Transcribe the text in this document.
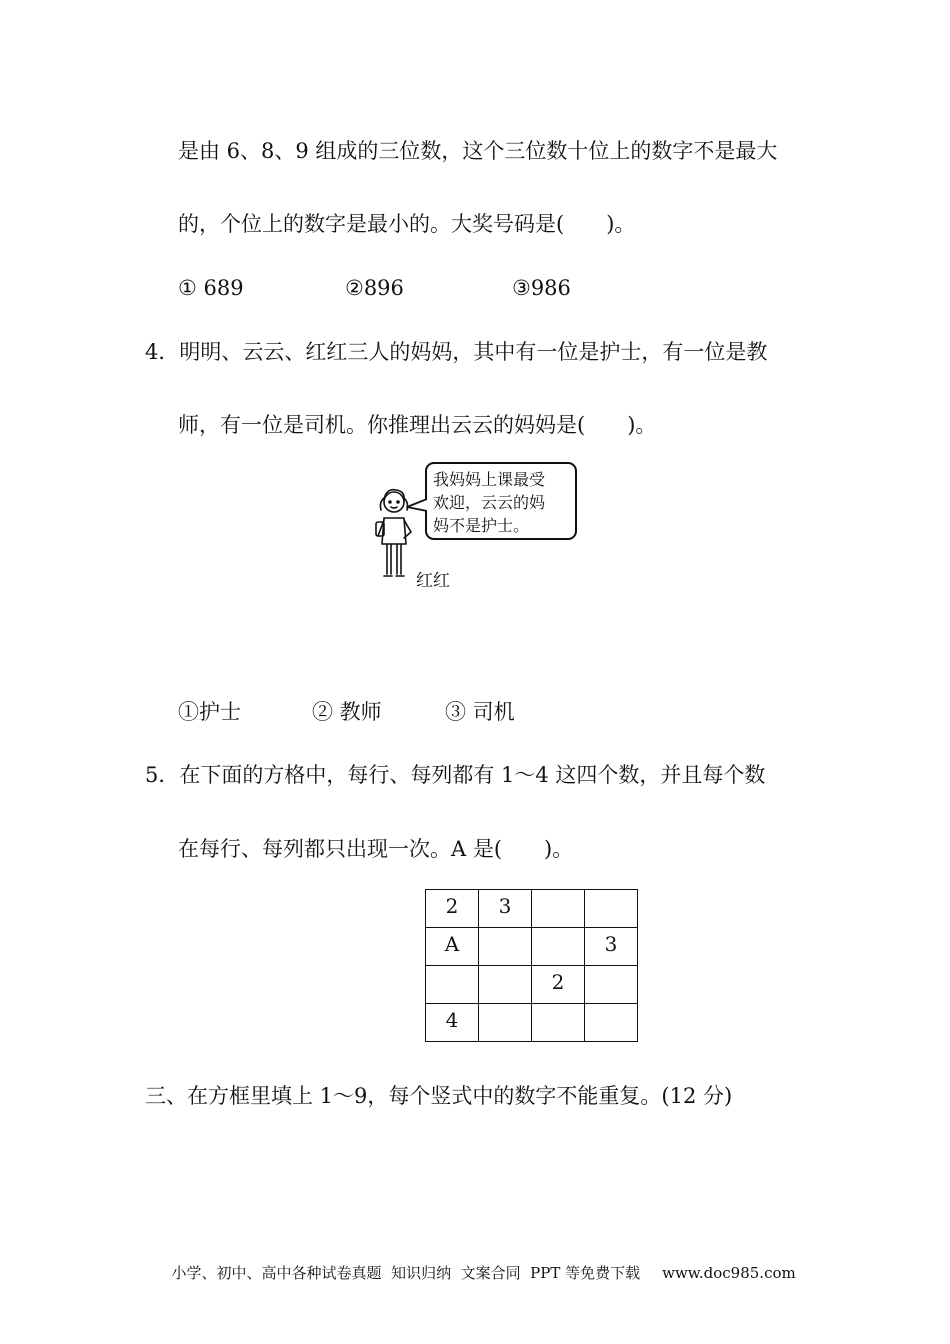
是由 6、8、9 组成的三位数，这个三位数十位上的数字不是最大
的，个位上的数字是最小的。大奖号码是(　　)。
① 689	②896	③986
4．明明、云云、红红三人的妈妈，其中有一位是护士，有一位是教
师，有一位是司机。你推理出云云的妈妈是(　　)。
我妈妈上课最受
欢迎，云云的妈
妈不是护士。
红红
①护士	② 教师	③ 司机
5．在下面的方格中，每行、每列都有 1～4 这四个数，并且每个数
在每行、每列都只出现一次。A 是(　　)。
2	3		
A			3
		2	
4			
三、在方框里填上 1～9，每个竖式中的数字不能重复。(12 分)

小学、初中、高中各种试卷真题  知识归纳  文案合同  PPT 等免费下载 www.doc985.com
